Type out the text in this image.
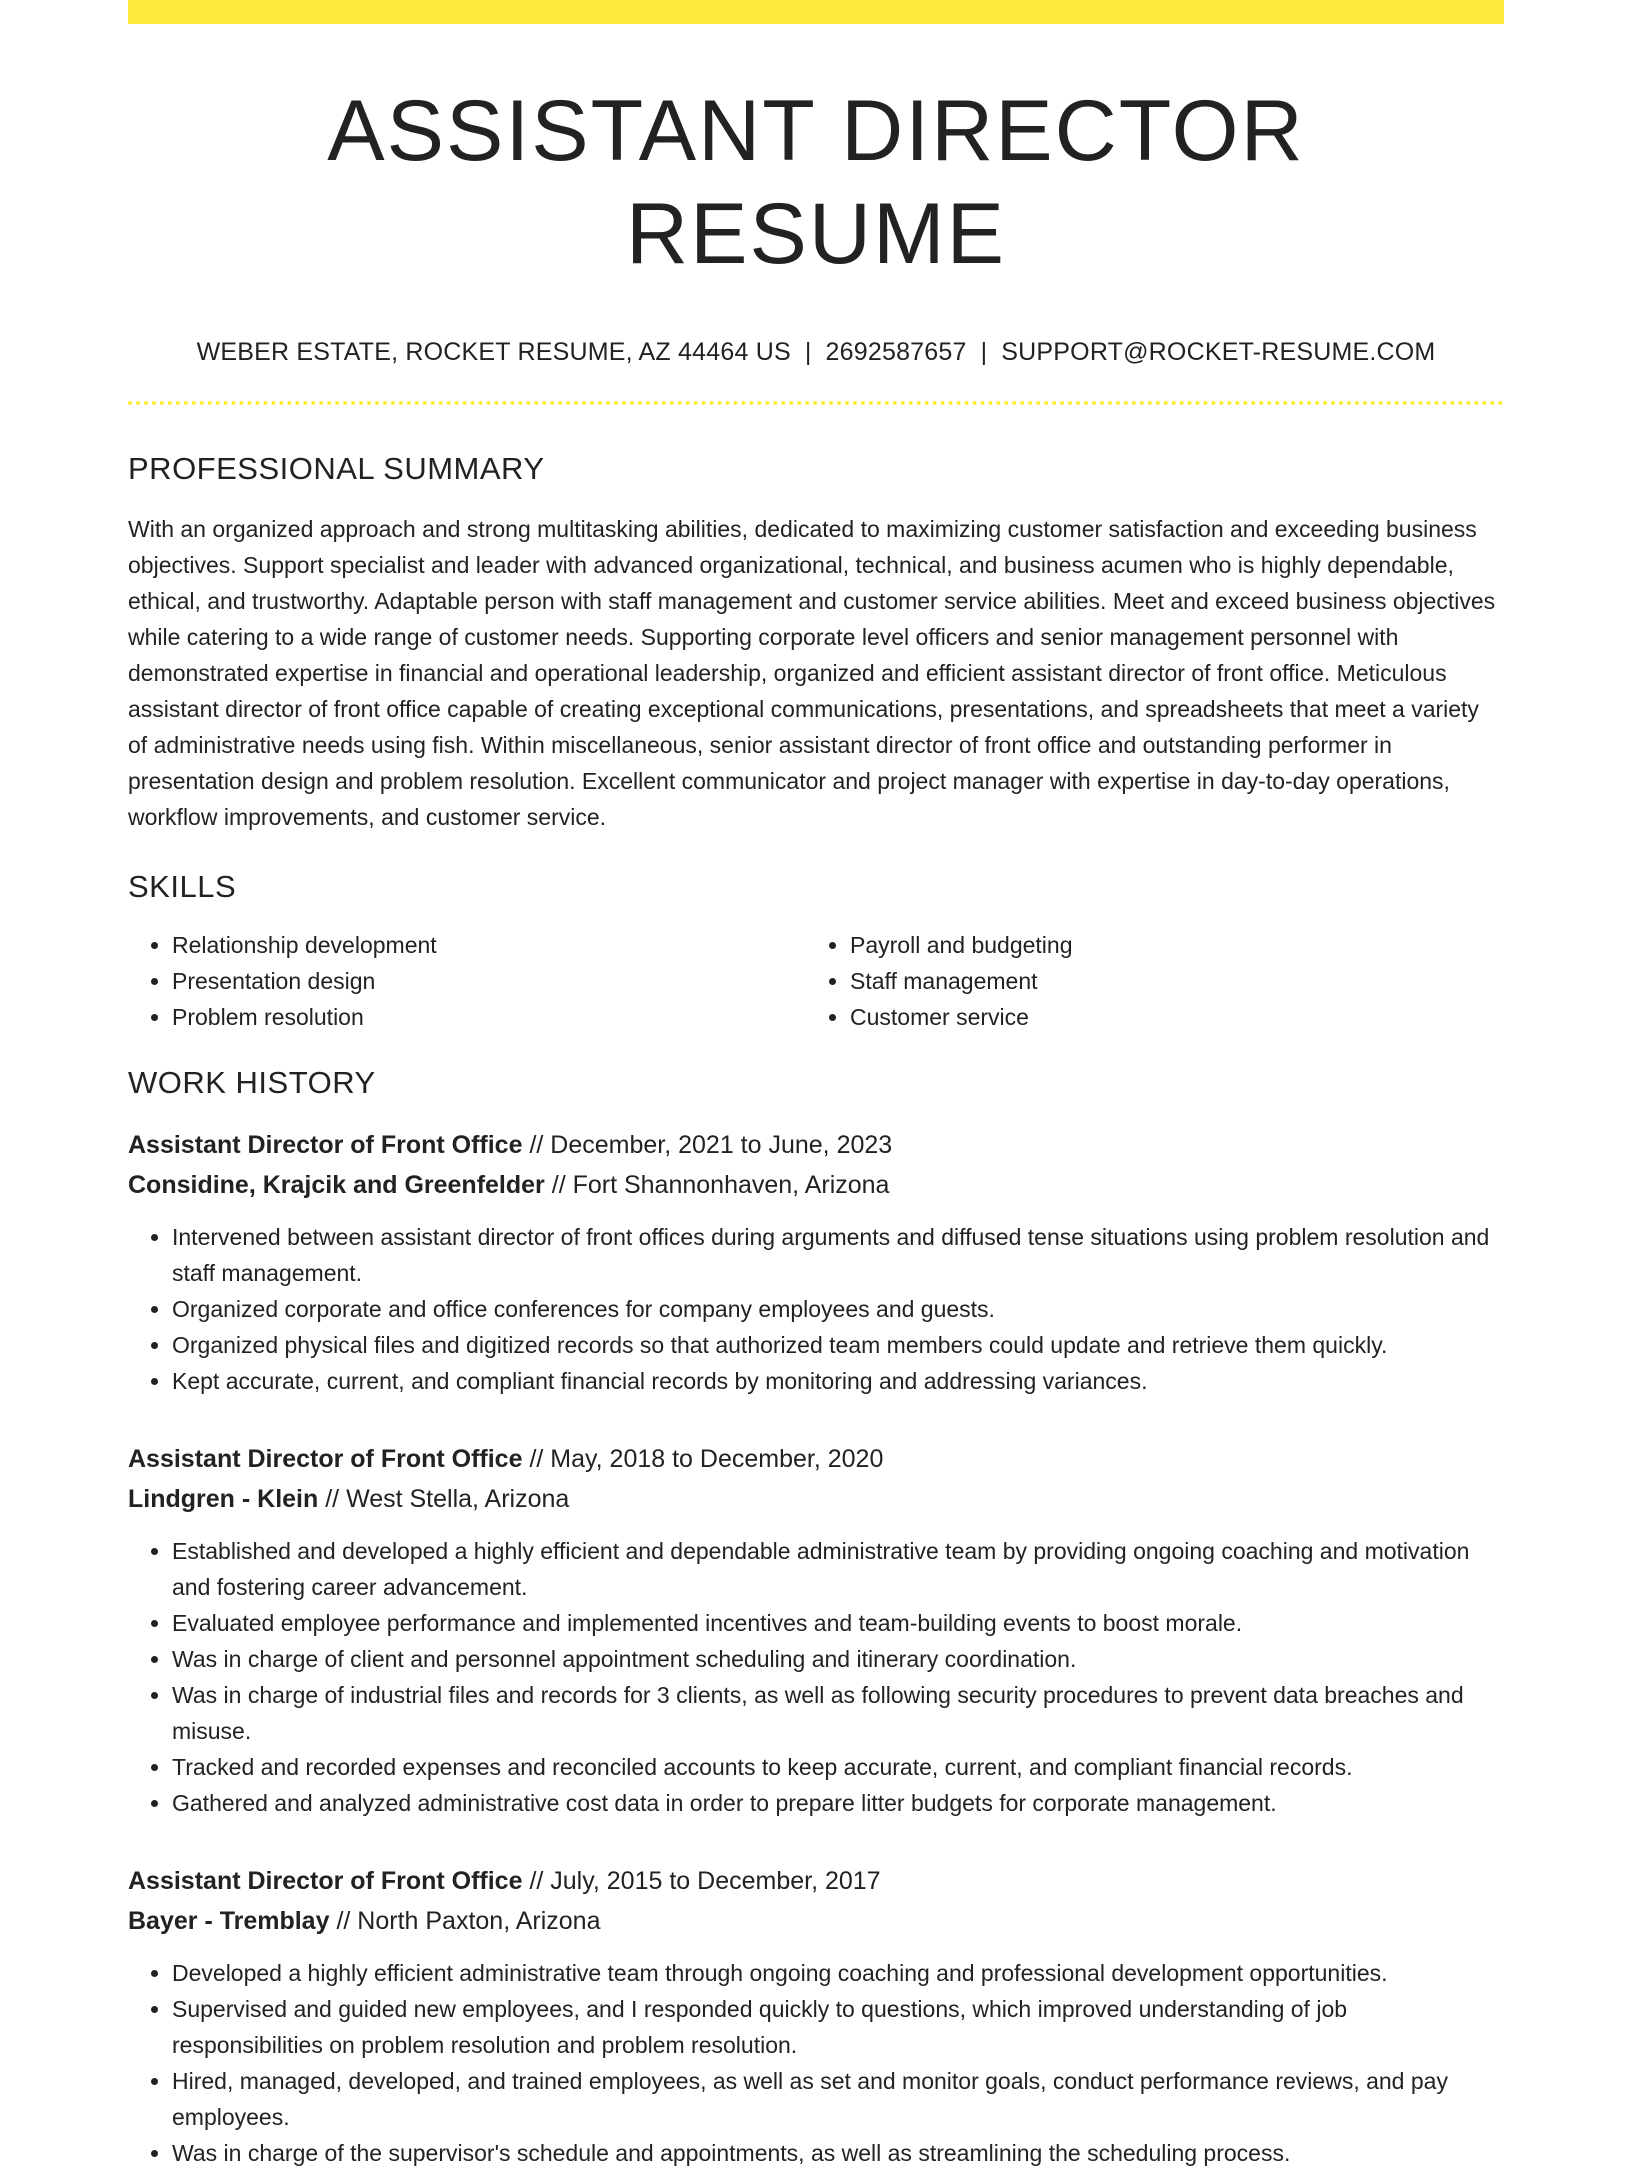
ASSISTANT DIRECTOR RESUME
WEBER ESTATE, ROCKET RESUME, AZ 44464 US | 2692587657 | SUPPORT@ROCKET-RESUME.COM
PROFESSIONAL SUMMARY
With an organized approach and strong multitasking abilities, dedicated to maximizing customer satisfaction and exceeding business objectives. Support specialist and leader with advanced organizational, technical, and business acumen who is highly dependable, ethical, and trustworthy. Adaptable person with staff management and customer service abilities. Meet and exceed business objectives while catering to a wide range of customer needs. Supporting corporate level officers and senior management personnel with demonstrated expertise in financial and operational leadership, organized and efficient assistant director of front office. Meticulous assistant director of front office capable of creating exceptional communications, presentations, and spreadsheets that meet a variety of administrative needs using fish. Within miscellaneous, senior assistant director of front office and outstanding performer in presentation design and problem resolution. Excellent communicator and project manager with expertise in day-to-day operations, workflow improvements, and customer service.
SKILLS
• Relationship development
• Presentation design
• Problem resolution
• Payroll and budgeting
• Staff management
• Customer service
WORK HISTORY
Assistant Director of Front Office // December, 2021 to June, 2023
Considine, Krajcik and Greenfelder // Fort Shannonhaven, Arizona
• Intervened between assistant director of front offices during arguments and diffused tense situations using problem resolution and staff management.
• Organized corporate and office conferences for company employees and guests.
• Organized physical files and digitized records so that authorized team members could update and retrieve them quickly.
• Kept accurate, current, and compliant financial records by monitoring and addressing variances.
Assistant Director of Front Office // May, 2018 to December, 2020
Lindgren - Klein // West Stella, Arizona
• Established and developed a highly efficient and dependable administrative team by providing ongoing coaching and motivation and fostering career advancement.
• Evaluated employee performance and implemented incentives and team-building events to boost morale.
• Was in charge of client and personnel appointment scheduling and itinerary coordination.
• Was in charge of industrial files and records for 3 clients, as well as following security procedures to prevent data breaches and misuse.
• Tracked and recorded expenses and reconciled accounts to keep accurate, current, and compliant financial records.
• Gathered and analyzed administrative cost data in order to prepare litter budgets for corporate management.
Assistant Director of Front Office // July, 2015 to December, 2017
Bayer - Tremblay // North Paxton, Arizona
• Developed a highly efficient administrative team through ongoing coaching and professional development opportunities.
• Supervised and guided new employees, and I responded quickly to questions, which improved understanding of job responsibilities on problem resolution and problem resolution.
• Hired, managed, developed, and trained employees, as well as set and monitor goals, conduct performance reviews, and pay employees.
• Was in charge of the supervisor's schedule and appointments, as well as streamlining the scheduling process.
